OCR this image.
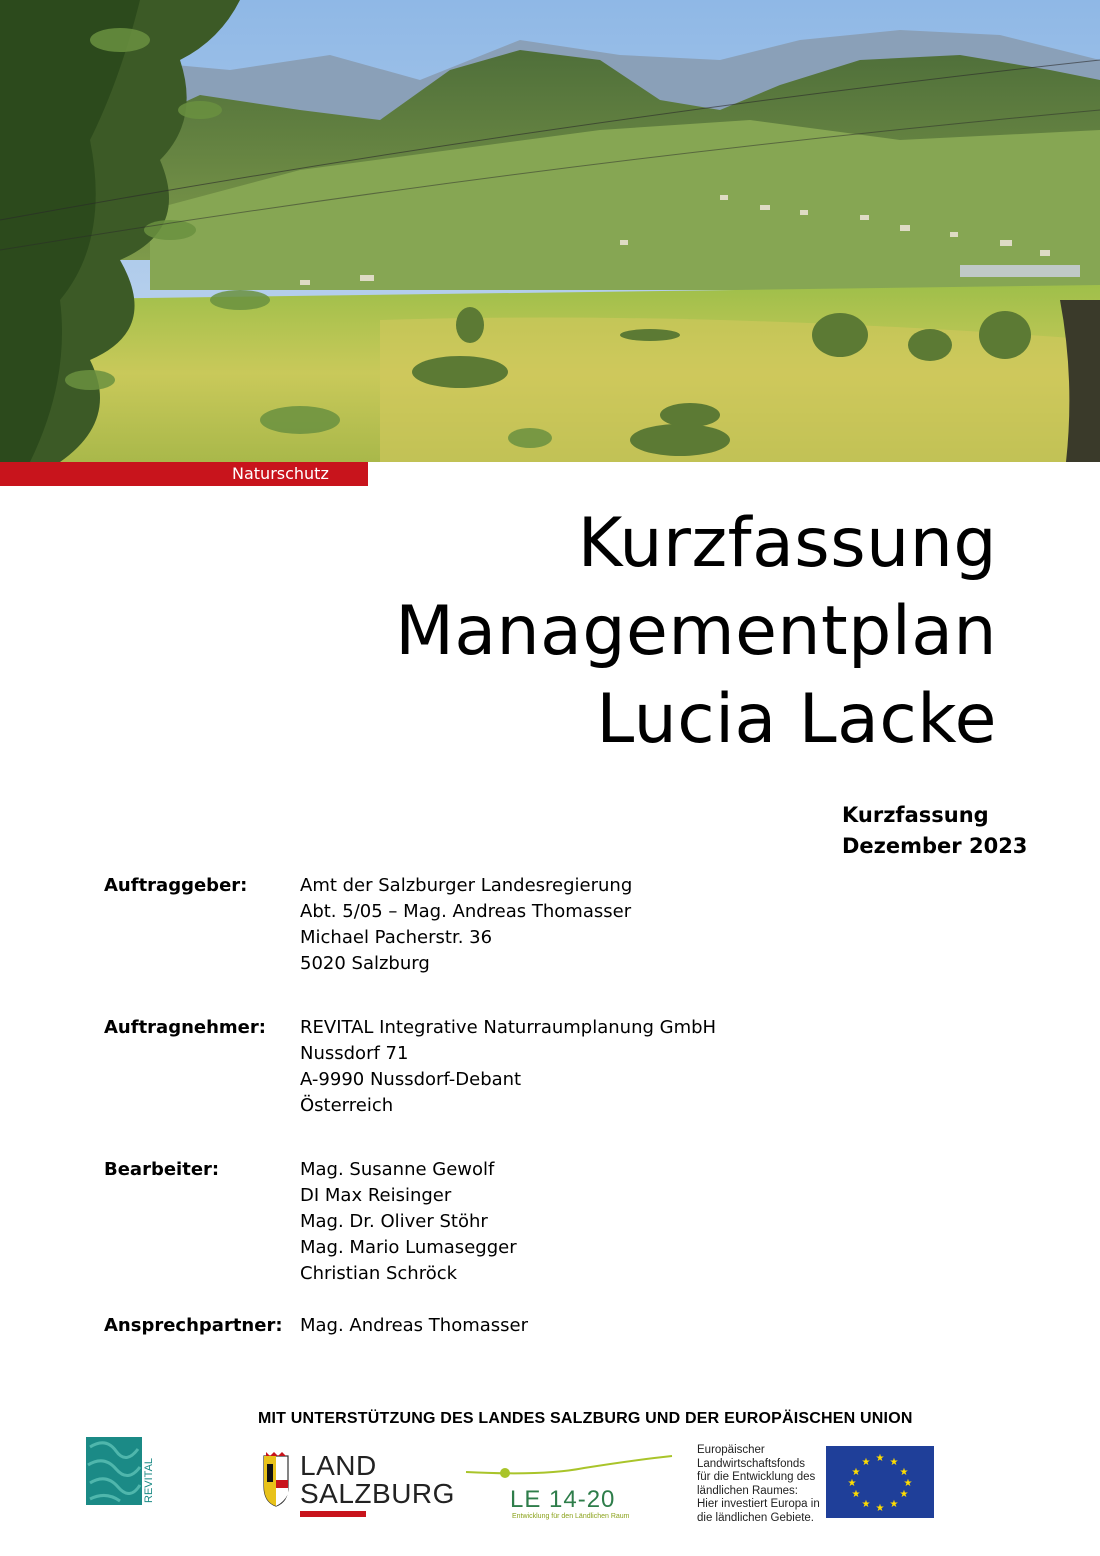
Naturschutz
Kurzfassung
Managementplan
Lucia Lacke
Kurzfassung
Dezember 2023
Auftraggeber:	Amt der Salzburger Landesregierung
Abt. 5/05 – Mag. Andreas Thomasser
Michael Pacherstr. 36
5020 Salzburg
Auftragnehmer:	REVITAL Integrative Naturraumplanung GmbH
Nussdorf 71
A-9990 Nussdorf-Debant
Österreich
Bearbeiter:	Mag. Susanne Gewolf
DI Max Reisinger
Mag. Dr. Oliver Stöhr
Mag. Mario Lumasegger
Christian Schröck
Ansprechpartner: Mag. Andreas Thomasser
MIT UNTERSTÜTZUNG DES LANDES SALZBURG UND DER EUROPÄISCHEN UNION
REVITAL	LAND
SALZBURG LE 14-20
Entwicklung für den Ländlichen Raum
Europäischer
Landwirtschaftsfonds
für die Entwicklung des
ländlichen Raumes:
Hier investiert Europa in
die ländlichen Gebiete.
★ ★
★
★
★
★
★
★
★
★
★
★
